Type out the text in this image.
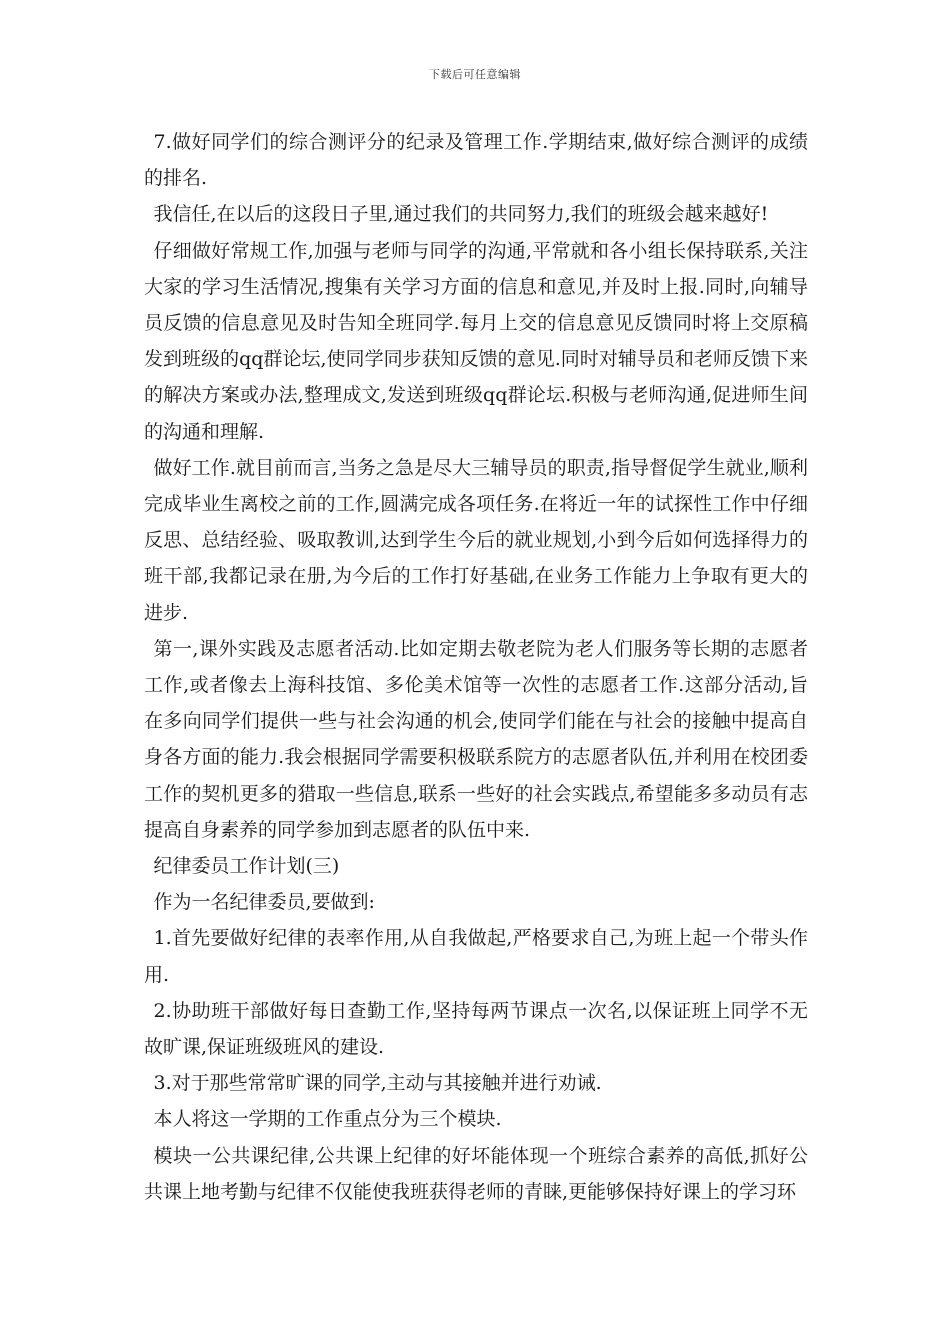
下载后可任意编辑

7.做好同学们的综合测评分的纪录及管理工作.学期结束,做好综合测评的成绩的排名.

我信任,在以后的这段日子里,通过我们的共同努力,我们的班级会越来越好!

仔细做好常规工作,加强与老师与同学的沟通,平常就和各小组长保持联系,关注大家的学习生活情况,搜集有关学习方面的信息和意见,并及时上报.同时,向辅导员反馈的信息意见及时告知全班同学.每月上交的信息意见反馈同时将上交原稿发到班级的qq群论坛,使同学同步获知反馈的意见.同时对辅导员和老师反馈下来的解决方案或办法,整理成文,发送到班级qq群论坛.积极与老师沟通,促进师生间的沟通和理解.

做好工作.就目前而言,当务之急是尽大三辅导员的职责,指导督促学生就业,顺利完成毕业生离校之前的工作,圆满完成各项任务.在将近一年的试探性工作中仔细反思、总结经验、吸取教训,达到学生今后的就业规划,小到今后如何选择得力的班干部,我都记录在册,为今后的工作打好基础,在业务工作能力上争取有更大的进步.

第一,课外实践及志愿者活动.比如定期去敬老院为老人们服务等长期的志愿者工作,或者像去上海科技馆、多伦美术馆等一次性的志愿者工作.这部分活动,旨在多向同学们提供一些与社会沟通的机会,使同学们能在与社会的接触中提高自身各方面的能力.我会根据同学需要积极联系院方的志愿者队伍,并利用在校团委工作的契机更多的猎取一些信息,联系一些好的社会实践点,希望能多多动员有志提高自身素养的同学参加到志愿者的队伍中来.

纪律委员工作计划(三)

作为一名纪律委员,要做到:

1.首先要做好纪律的表率作用,从自我做起,严格要求自己,为班上起一个带头作用.

2.协助班干部做好每日查勤工作,坚持每两节课点一次名,以保证班上同学不无故旷课,保证班级班风的建设.

3.对于那些常常旷课的同学,主动与其接触并进行劝诫.

本人将这一学期的工作重点分为三个模块.

模块一公共课纪律,公共课上纪律的好坏能体现一个班综合素养的高低,抓好公共课上地考勤与纪律不仅能使我班获得老师的青睐,更能够保持好课上的学习环
